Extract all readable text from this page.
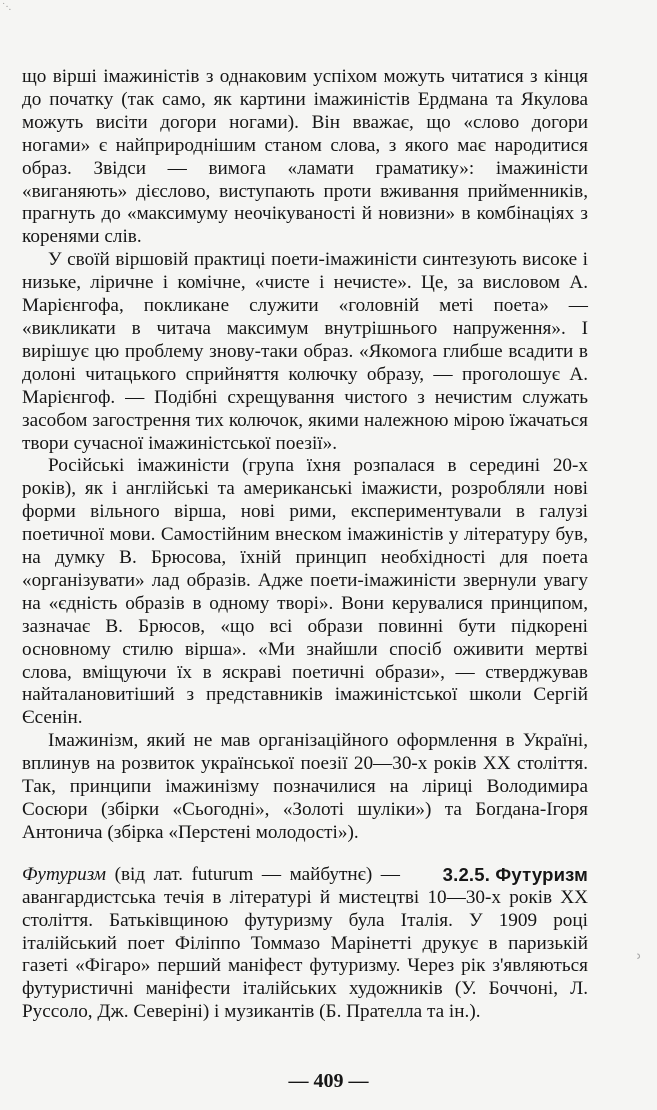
˙·.

що вірші імажиністів з однаковим успіхом можуть читатися з кінця до початку (так само, як картини імажиністів Ердмана та Якулова можуть висіти догори ногами). Він вважає, що «слово догори ногами» є найприроднішим станом слова, з якого має народитися образ. Звідси — вимога «ламати граматику»: імажиністи «виганяють» дієслово, виступають проти вживання прийменників, прагнуть до «максимуму неочікуваності й новизни» в комбінаціях з коренями слів.

У своїй віршовій практиці поети-імажиністи синтезують високе і низьке, ліричне і комічне, «чисте і нечисте». Це, за висловом А. Марієнгофа, покликане служити «головній меті поета» — «викликати в читача максимум внутрішнього напруження». І вирішує цю проблему знову-таки образ. «Якомога глибше всадити в долоні читацького сприйняття колючку образу, — проголошує А. Марієнгоф. — Подібні схрещування чистого з нечистим служать засобом загострення тих колючок, якими належною мірою їжачаться твори сучасної імажиністської поезії».

Російські імажиністи (група їхня розпалася в середині 20-х років), як і англійські та американські імажисти, розробляли нові форми вільного вірша, нові рими, експериментували в галузі поетичної мови. Самостійним внеском імажиністів у літературу був, на думку В. Брюсова, їхній принцип необхідності для поета «організувати» лад образів. Адже поети-імажиністи звернули увагу на «єдність образів в одному творі». Вони керувалися принципом, зазначає В. Брюсов, «що всі образи повинні бути підкорені основному стилю вірша». «Ми знайшли спосіб оживити мертві слова, вміщуючи їх в яскраві поетичні образи», — стверджував найталановитіший з представників імажиністської школи Сергій Єсенін.

Імажинізм, який не мав організаційного оформлення в Україні, вплинув на розвиток української поезії 20—30-х років XX століття. Так, принципи імажинізму позначилися на ліриці Володимира Сосюри (збірки «Сьогодні», «Золоті шуліки») та Богдана-Ігоря Антонича (збірка «Перстені молодості»).

3.2.5. Футуризм

Футуризм (від лат. futurum — майбутнє) — авангардистська течія в літературі й мистецтві 10—30-х років XX століття. Батьківщиною футуризму була Італія. У 1909 році італійський поет Філіппо Томмазо Марінетті друкує в паризькій газеті «Фігаро» перший маніфест футуризму. Через рік з'являються футуристичні маніфести італійських художників (У. Боччоні, Л. Руссоло, Дж. Северіні) і музикантів (Б. Прателла та ін.).

ʾ
— 409 —
